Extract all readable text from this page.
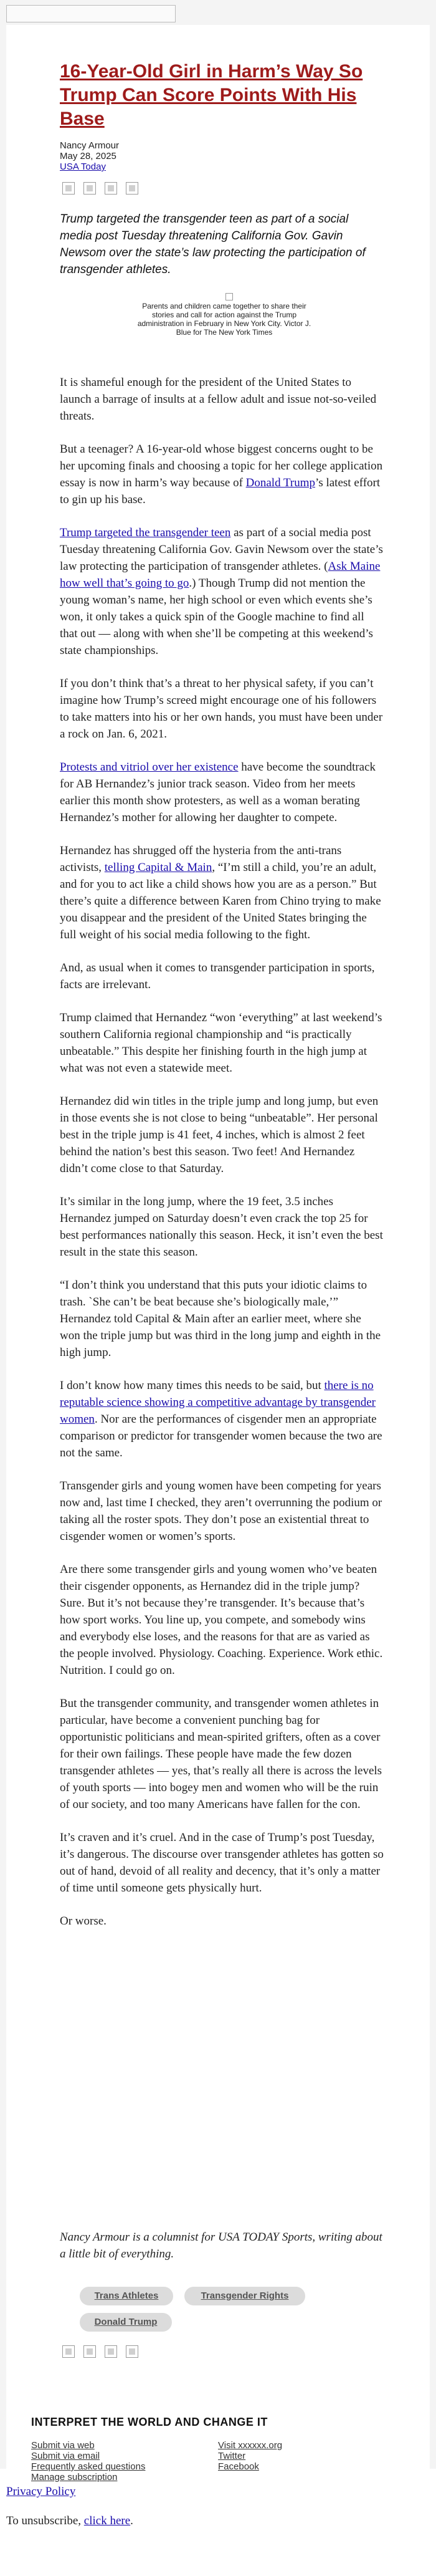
16-Year-Old Girl in Harm’s Way So Trump Can Score Points With His Base
Nancy Armour
May 28, 2025
USA Today

Trump targeted the transgender teen as part of a social media post Tuesday threatening California Gov. Gavin Newsom over the state’s law protecting the participation of transgender athletes.

Parents and children came together to share their stories and call for action against the Trump administration in February in New York City. Victor J. Blue for The New York Times

It is shameful enough for the president of the United States to launch a barrage of insults at a fellow adult and issue not-so-veiled threats.

But a teenager? A 16-year-old whose biggest concerns ought to be her upcoming finals and choosing a topic for her college application essay is now in harm’s way because of Donald Trump’s latest effort to gin up his base.

Trump targeted the transgender teen as part of a social media post Tuesday threatening California Gov. Gavin Newsom over the state’s law protecting the participation of transgender athletes. (Ask Maine how well that’s going to go.) Though Trump did not mention the young woman’s name, her high school or even which events she’s won, it only takes a quick spin of the Google machine to find all that out — along with when she’ll be competing at this weekend’s state championships.

If you don’t think that’s a threat to her physical safety, if you can’t imagine how Trump’s screed might encourage one of his followers to take matters into his or her own hands, you must have been under a rock on Jan. 6, 2021.

Protests and vitriol over her existence have become the soundtrack for AB Hernandez’s junior track season. Video from her meets earlier this month show protesters, as well as a woman berating Hernandez’s mother for allowing her daughter to compete.

Hernandez has shrugged off the hysteria from the anti-trans activists, telling Capital & Main, “I’m still a child, you’re an adult, and for you to act like a child shows how you are as a person.” But there’s quite a difference between Karen from Chino trying to make you disappear and the president of the United States bringing the full weight of his social media following to the fight.

And, as usual when it comes to transgender participation in sports, facts are irrelevant.

Trump claimed that Hernandez “won ‘everything” at last weekend’s southern California regional championship and “is practically unbeatable.” This despite her finishing fourth in the high jump at what was not even a statewide meet.

Hernandez did win titles in the triple jump and long jump, but even in those events she is not close to being “unbeatable”. Her personal best in the triple jump is 41 feet, 4 inches, which is almost 2 feet behind the nation’s best this season. Two feet! And Hernandez didn’t come close to that Saturday.

It’s similar in the long jump, where the 19 feet, 3.5 inches Hernandez jumped on Saturday doesn’t even crack the top 25 for best performances nationally this season. Heck, it isn’t even the best result in the state this season.

“I don’t think you understand that this puts your idiotic claims to trash. `She can’t be beat because she’s biologically male,’” Hernandez told Capital & Main after an earlier meet, where she won the triple jump but was third in the long jump and eighth in the high jump.

I don’t know how many times this needs to be said, but there is no reputable science showing a competitive advantage by transgender women. Nor are the performances of cisgender men an appropriate comparison or predictor for transgender women because the two are not the same.

Transgender girls and young women have been competing for years now and, last time I checked, they aren’t overrunning the podium or taking all the roster spots. They don’t pose an existential threat to cisgender women or women’s sports.

Are there some transgender girls and young women who’ve beaten their cisgender opponents, as Hernandez did in the triple jump? Sure. But it’s not because they’re transgender. It’s because that’s how sport works. You line up, you compete, and somebody wins and everybody else loses, and the reasons for that are as varied as the people involved. Physiology. Coaching. Experience. Work ethic. Nutrition. I could go on.

But the transgender community, and transgender women athletes in particular, have become a convenient punching bag for opportunistic politicians and mean-spirited grifters, often as a cover for their own failings. These people have made the few dozen transgender athletes — yes, that’s really all there is across the levels of youth sports — into bogey men and women who will be the ruin of our society, and too many Americans have fallen for the con.

It’s craven and it’s cruel. And in the case of Trump’s post Tuesday, it’s dangerous. The discourse over transgender athletes has gotten so out of hand, devoid of all reality and decency, that it’s only a matter of time until someone gets physically hurt.

Or worse.

Nancy Armour is a columnist for USA TODAY Sports, writing about a little bit of everything.

Trans Athletes	Transgender Rights
Donald Trump
INTERPRET THE WORLD AND CHANGE IT
Submit via web
Submit via email
Frequently asked questions
Manage subscription
Visit xxxxxx.org
Twitter
Facebook
Privacy Policy
To unsubscribe, click here.
